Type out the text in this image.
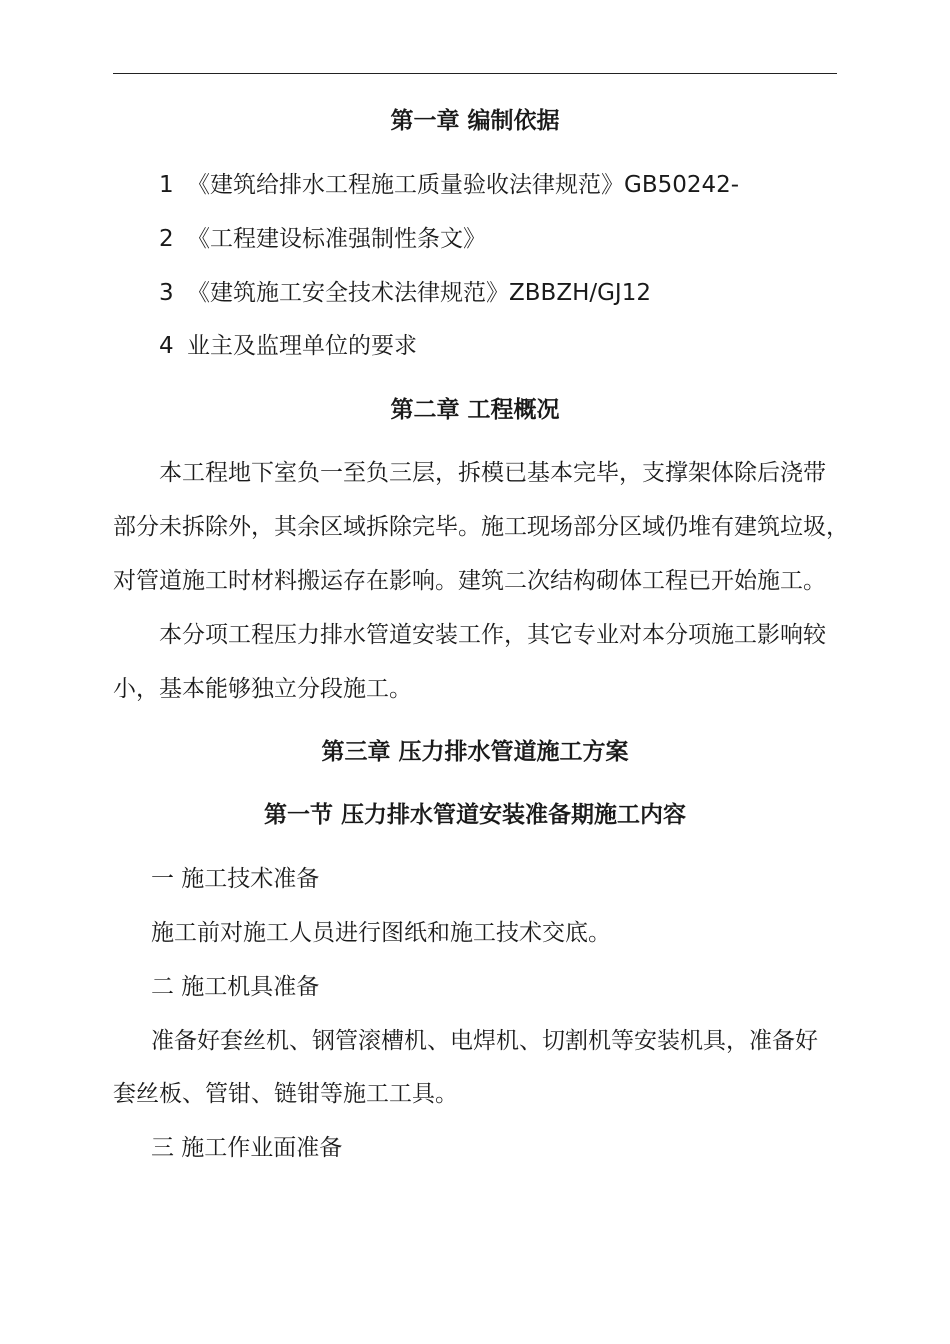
第一章 编制依据
1 《建筑给排水工程施工质量验收法律规范》GB50242-
2 《工程建设标准强制性条文》
3 《建筑施工安全技术法律规范》ZBBZH/GJ12
4 业主及监理单位的要求
第二章 工程概况
本工程地下室负一至负三层，拆模已基本完毕，支撑架体除后浇带
部分未拆除外，其余区域拆除完毕。施工现场部分区域仍堆有建筑垃圾，
对管道施工时材料搬运存在影响。建筑二次结构砌体工程已开始施工。
本分项工程压力排水管道安装工作，其它专业对本分项施工影响较
小，基本能够独立分段施工。
第三章 压力排水管道施工方案
第一节 压力排水管道安装准备期施工内容
一 施工技术准备
施工前对施工人员进行图纸和施工技术交底。
二 施工机具准备
准备好套丝机、钢管滚槽机、电焊机、切割机等安装机具，准备好
套丝板、管钳、链钳等施工工具。
三 施工作业面准备
